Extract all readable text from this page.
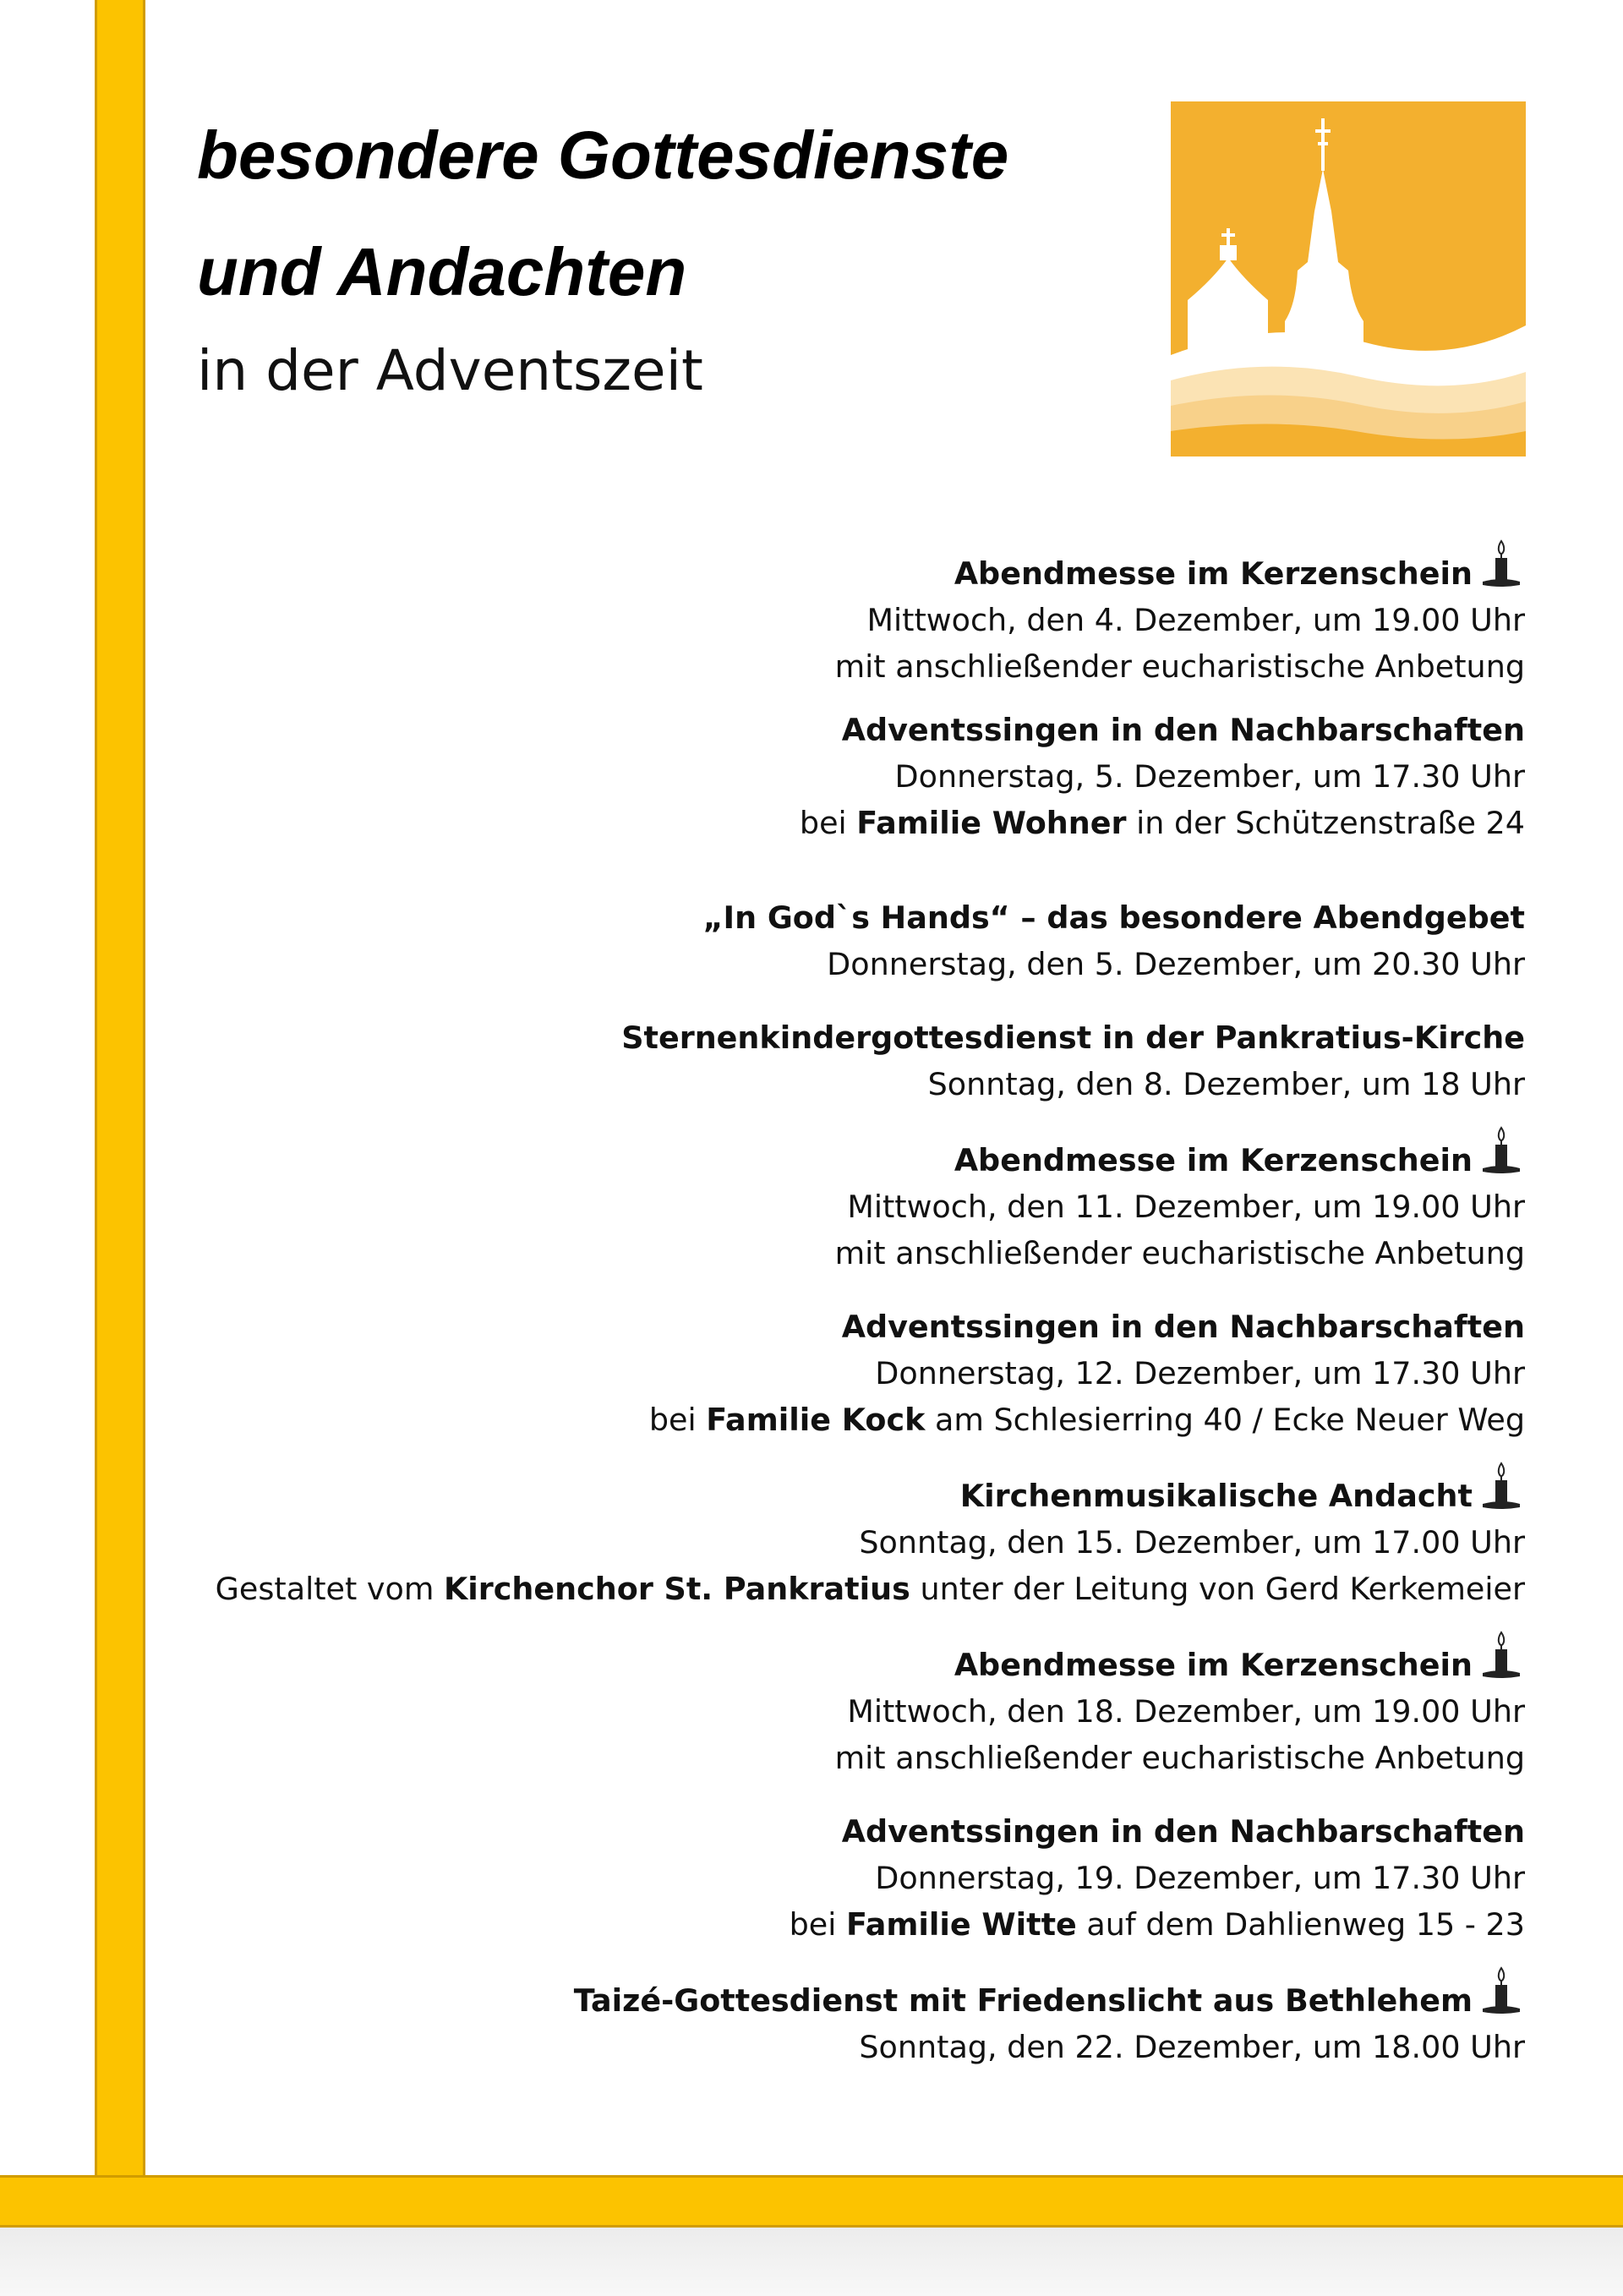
besondere Gottesdienste
und Andachten
in der Adventszeit
Abendmesse im Kerzenschein
Mittwoch, den 4. Dezember, um 19.00 Uhr
mit anschließender eucharistische Anbetung
Adventssingen in den Nachbarschaften
Donnerstag, 5. Dezember, um 17.30 Uhr
bei Familie Wohner in der Schützenstraße 24
„In God`s Hands“ – das besondere Abendgebet
Donnerstag, den 5. Dezember, um 20.30 Uhr
Sternenkindergottesdienst in der Pankratius-Kirche
Sonntag, den 8. Dezember, um 18 Uhr
Abendmesse im Kerzenschein
Mittwoch, den 11. Dezember, um 19.00 Uhr
mit anschließender eucharistische Anbetung
Adventssingen in den Nachbarschaften
Donnerstag, 12. Dezember, um 17.30 Uhr
bei Familie Kock am Schlesierring 40 / Ecke Neuer Weg
Kirchenmusikalische Andacht
Sonntag, den 15. Dezember, um 17.00 Uhr
Gestaltet vom Kirchenchor St. Pankratius unter der Leitung von Gerd Kerkemeier
Abendmesse im Kerzenschein
Mittwoch, den 18. Dezember, um 19.00 Uhr
mit anschließender eucharistische Anbetung
Adventssingen in den Nachbarschaften
Donnerstag, 19. Dezember, um 17.30 Uhr
bei Familie Witte auf dem Dahlienweg 15 - 23
Taizé-Gottesdienst mit Friedenslicht aus Bethlehem
Sonntag, den 22. Dezember, um 18.00 Uhr
